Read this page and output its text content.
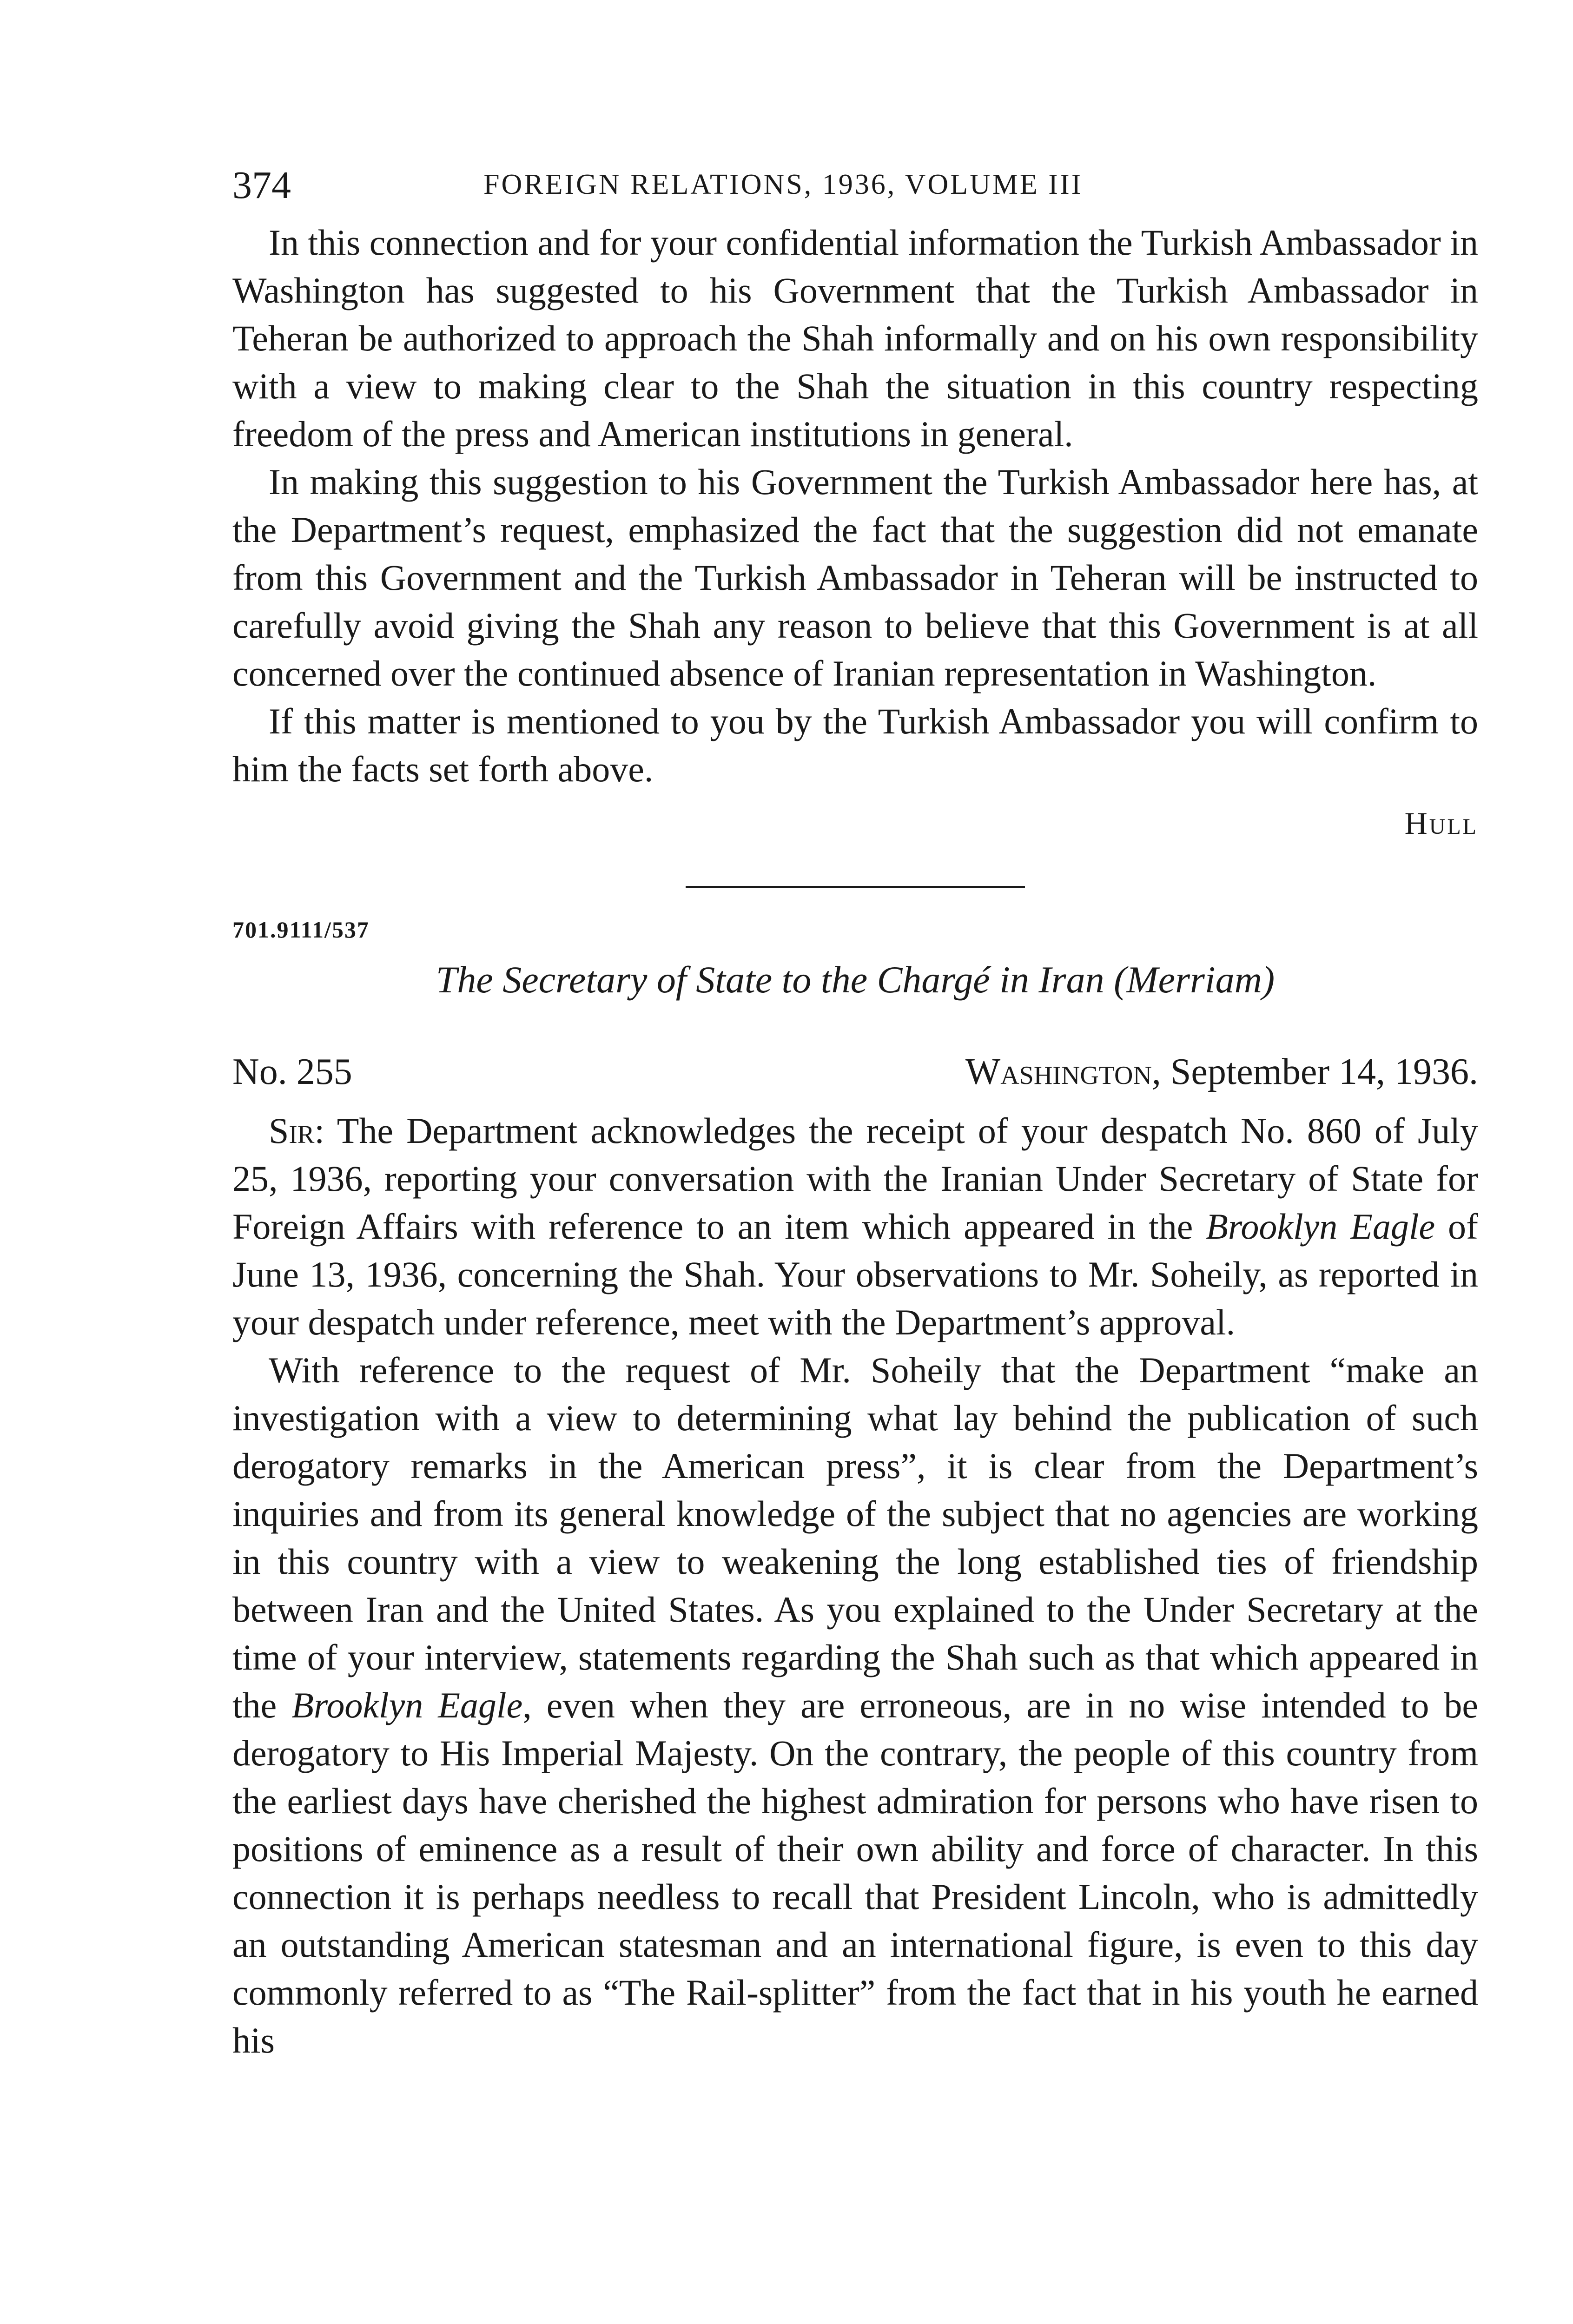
374	FOREIGN RELATIONS, 1936, VOLUME III

In this connection and for your confidential information the Turkish Ambassador in Washington has suggested to his Government that the Turkish Ambassador in Teheran be authorized to approach the Shah informally and on his own responsibility with a view to making clear to the Shah the situation in this country respecting freedom of the press and American institutions in general.

In making this suggestion to his Government the Turkish Ambassador here has, at the Department’s request, emphasized the fact that the suggestion did not emanate from this Government and the Turkish Ambassador in Teheran will be instructed to carefully avoid giving the Shah any reason to believe that this Government is at all concerned over the continued absence of Iranian representation in Washington.

If this matter is mentioned to you by the Turkish Ambassador you will confirm to him the facts set forth above.

Hull
701.9111/537
The Secretary of State to the Chargé in Iran (Merriam)
No. 255	Washington, September 14, 1936.

Sir: The Department acknowledges the receipt of your despatch No. 860 of July 25, 1936, reporting your conversation with the Iranian Under Secretary of State for Foreign Affairs with reference to an item which appeared in the Brooklyn Eagle of June 13, 1936, concerning the Shah. Your observations to Mr. Soheily, as reported in your despatch under reference, meet with the Department’s approval.

With reference to the request of Mr. Soheily that the Department “make an investigation with a view to determining what lay behind the publication of such derogatory remarks in the American press”, it is clear from the Department’s inquiries and from its general knowledge of the subject that no agencies are working in this country with a view to weakening the long established ties of friendship between Iran and the United States. As you explained to the Under Secretary at the time of your interview, statements regarding the Shah such as that which appeared in the Brooklyn Eagle, even when they are erroneous, are in no wise intended to be derogatory to His Imperial Majesty. On the contrary, the people of this country from the earliest days have cherished the highest admiration for persons who have risen to positions of eminence as a result of their own ability and force of character. In this connection it is perhaps needless to recall that President Lincoln, who is admittedly an outstanding American statesman and an international figure, is even to this day commonly referred to as “The Rail-splitter” from the fact that in his youth he earned his
